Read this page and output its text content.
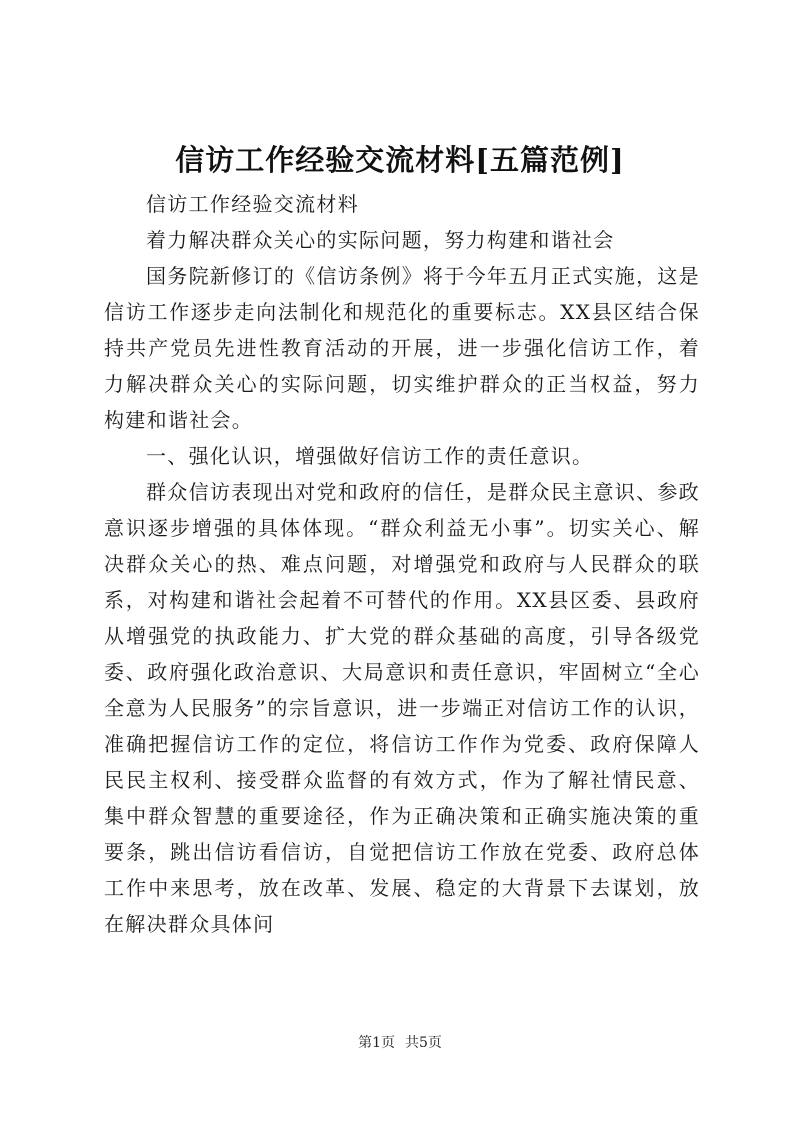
信访工作经验交流材料[五篇范例]

信访工作经验交流材料

着力解决群众关心的实际问题，努力构建和谐社会

国务院新修订的《信访条例》将于今年五月正式实施，这是信访工作逐步走向法制化和规范化的重要标志。XX县区结合保持共产党员先进性教育活动的开展，进一步强化信访工作，着力解决群众关心的实际问题，切实维护群众的正当权益，努力构建和谐社会。

一、强化认识，增强做好信访工作的责任意识。

群众信访表现出对党和政府的信任，是群众民主意识、参政意识逐步增强的具体体现。“群众利益无小事”。切实关心、解决群众关心的热、难点问题，对增强党和政府与人民群众的联系，对构建和谐社会起着不可替代的作用。XX县区委、县政府从增强党的执政能力、扩大党的群众基础的高度，引导各级党委、政府强化政治意识、大局意识和责任意识，牢固树立“全心全意为人民服务”的宗旨意识，进一步端正对信访工作的认识，准确把握信访工作的定位，将信访工作作为党委、政府保障人民民主权利、接受群众监督的有效方式，作为了解社情民意、集中群众智慧的重要途径，作为正确决策和正确实施决策的重要条，跳出信访看信访，自觉把信访工作放在党委、政府总体工作中来思考，放在改革、发展、稳定的大背景下去谋划，放在解决群众具体问

第1页 共5页
